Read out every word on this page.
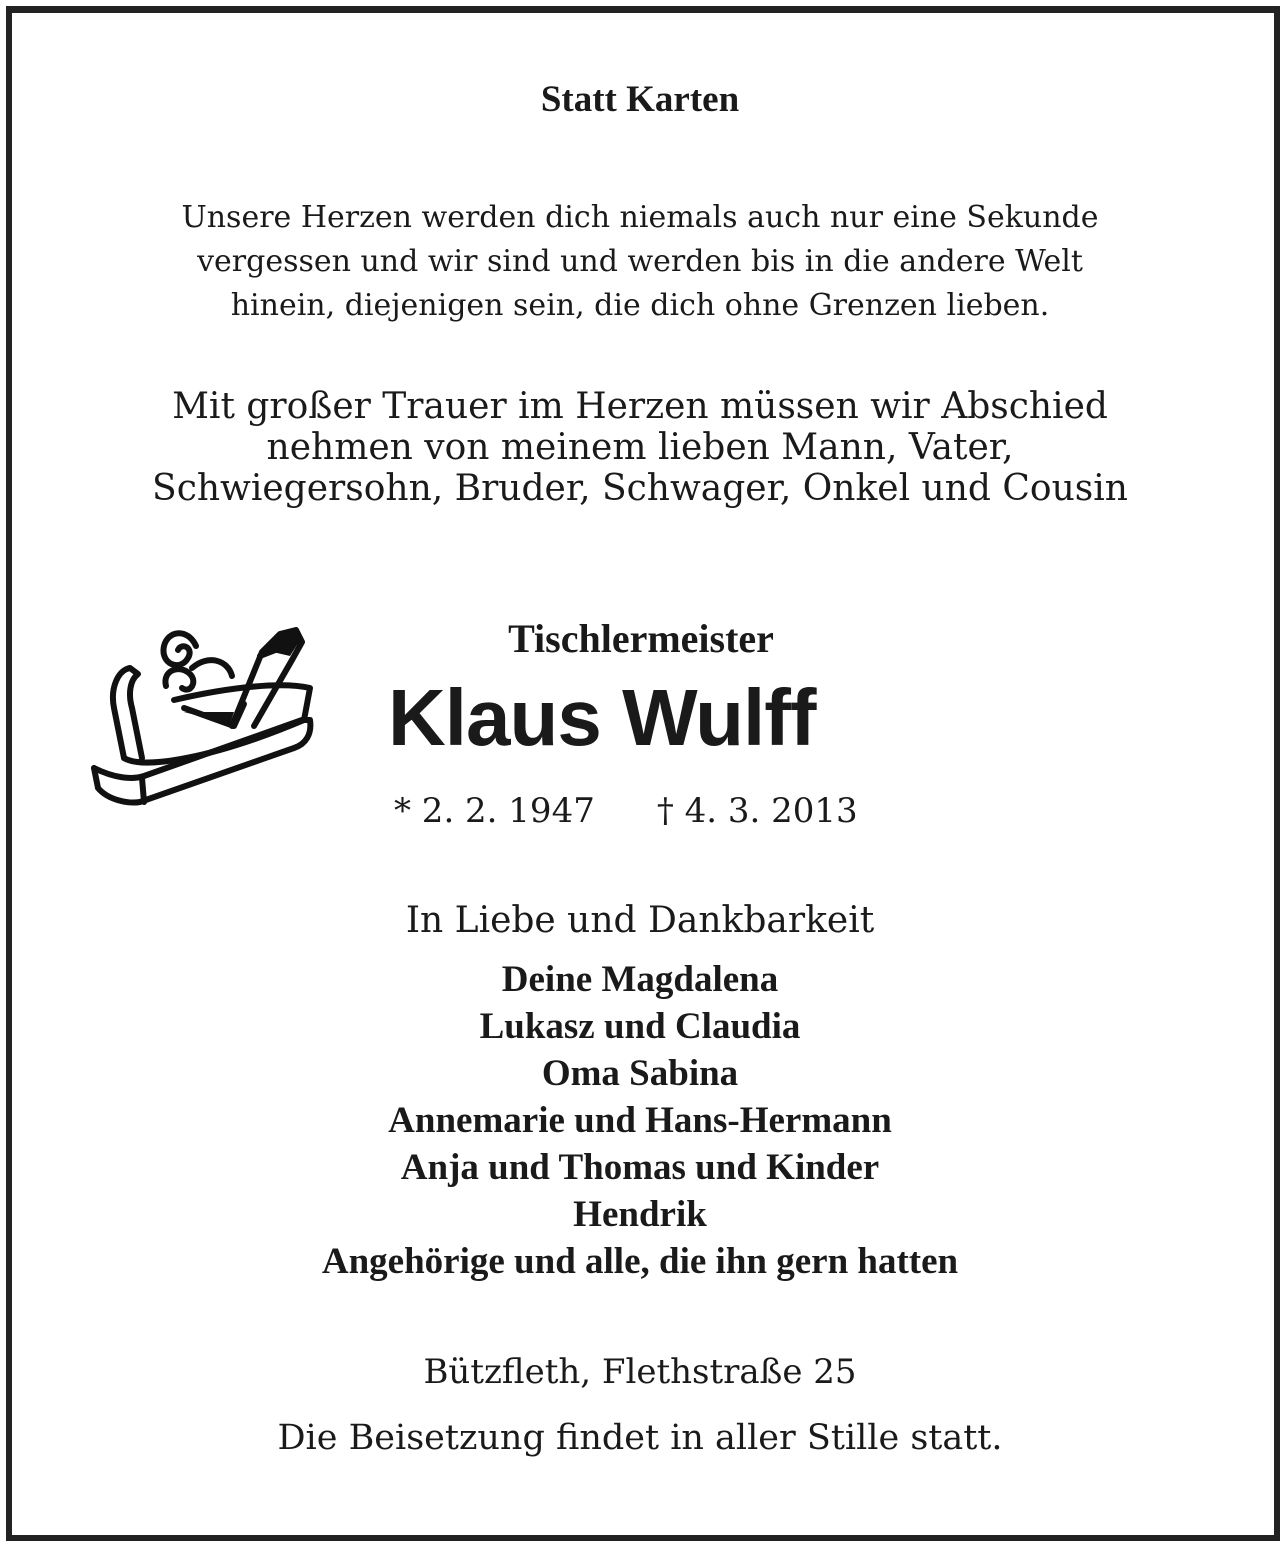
Statt Karten
Unsere Herzen werden dich niemals auch nur eine Sekunde
vergessen und wir sind und werden bis in die andere Welt
hinein, diejenigen sein, die dich ohne Grenzen lieben.
Mit großer Trauer im Herzen müssen wir Abschied
nehmen von meinem lieben Mann, Vater,
Schwiegersohn, Bruder, Schwager, Onkel und Cousin
Tischlermeister
Klaus Wulff
* 2. 2. 1947 † 4. 3. 2013
In Liebe und Dankbarkeit
Deine Magdalena
Lukasz und Claudia
Oma Sabina
Annemarie und Hans-Hermann
Anja und Thomas und Kinder
Hendrik
Angehörige und alle, die ihn gern hatten
Bützfleth, Flethstraße 25
Die Beisetzung findet in aller Stille statt.
